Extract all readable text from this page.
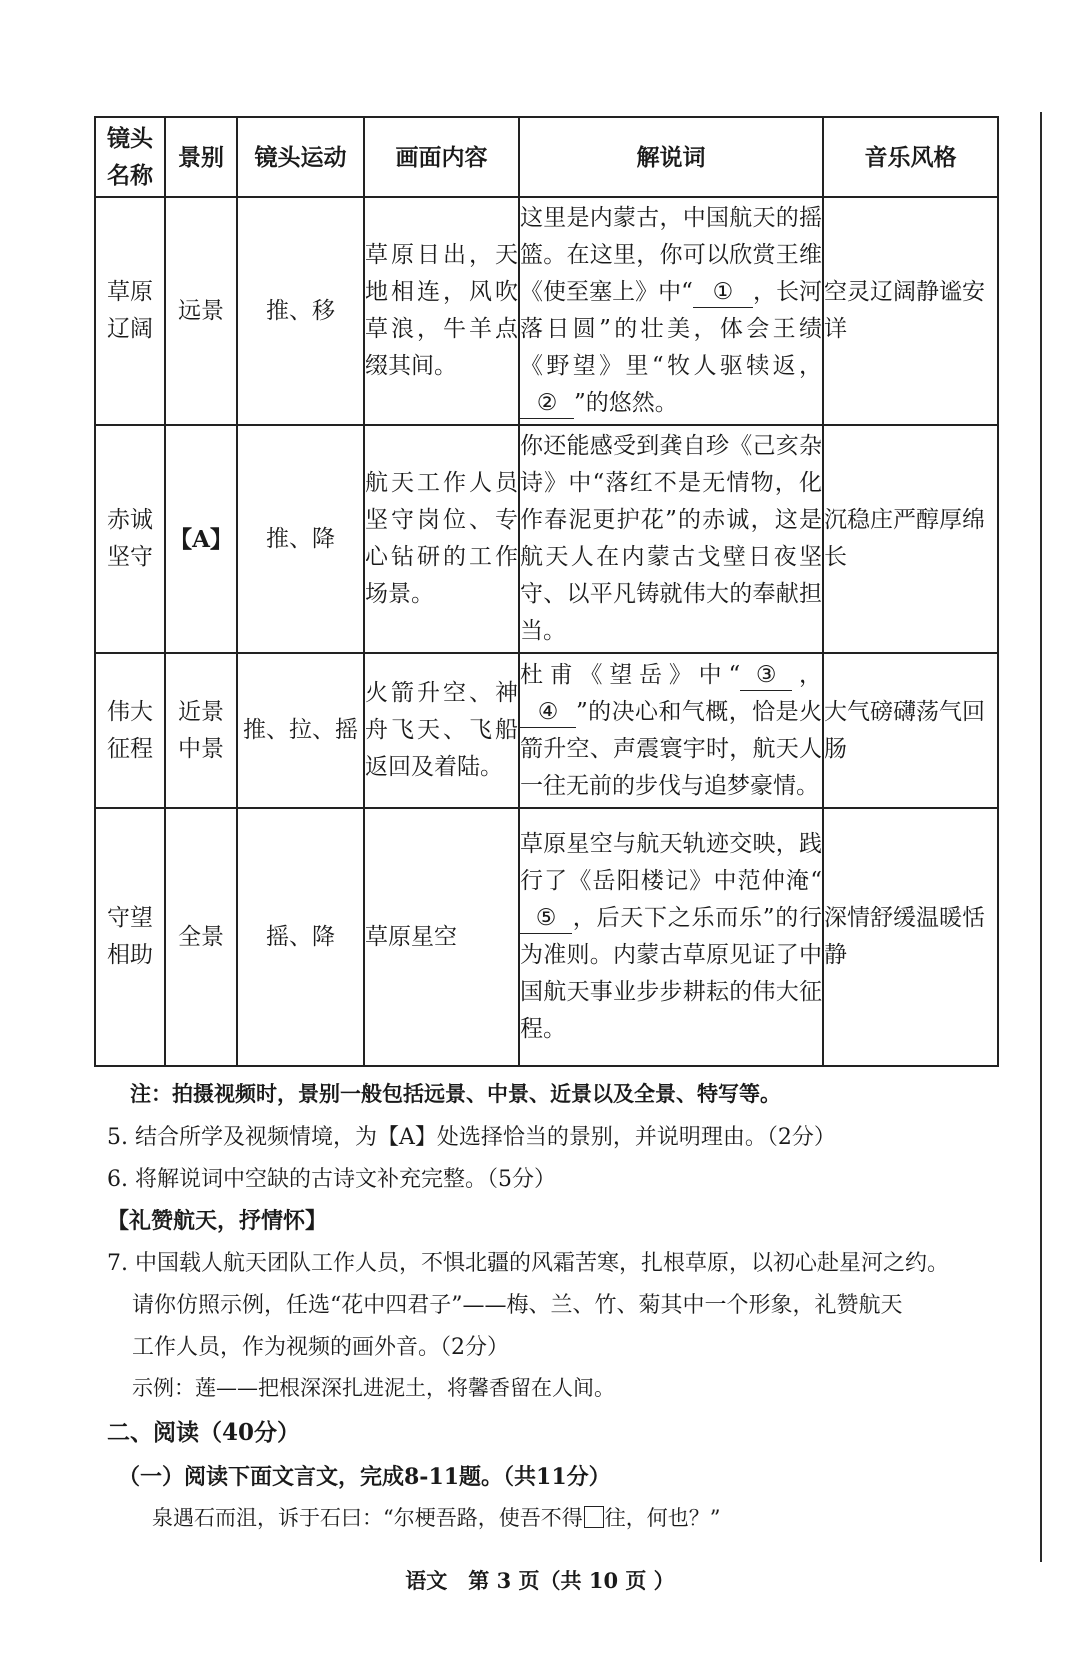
镜头名称	景别	镜头运动	画面内容	解说词	音乐风格
草原辽阔	远景	推、移	草原日出，天地相连，风吹草浪，牛羊点缀其间。	这里是内蒙古，中国航天的摇篮。在这里，你可以欣赏王维《使至塞上》中“ ① ，长河落日圆”的壮美，体会王绩《野望》里“牧人驱犊返，② ”的悠然。	空灵辽阔静谧安详
赤诚坚守	【A】	推、降	航天工作人员坚守岗位、专心钻研的工作场景。	你还能感受到龚自珍《己亥杂诗》中“落红不是无情物，化作春泥更护花”的赤诚，这是航天人在内蒙古戈壁日夜坚守、以平凡铸就伟大的奉献担当。	沉稳庄严醇厚绵长
伟大征程	近景中景	推、拉、摇	火箭升空、神舟飞天、飞船返回及着陆。	杜甫《望岳》中“ ③ ，④ ”的决心和气概，恰是火箭升空、声震寰宇时，航天人一往无前的步伐与追梦豪情。	大气磅礴荡气回肠
守望相助	全景	摇、降	草原星空	草原星空与航天轨迹交映，践行了《岳阳楼记》中范仲淹“⑤ ，后天下之乐而乐”的行为准则。内蒙古草原见证了中国航天事业步步耕耘的伟大征程。	深情舒缓温暖恬静
注：拍摄视频时，景别一般包括远景、中景、近景以及全景、特写等。
5. 结合所学及视频情境，为【A】处选择恰当的景别，并说明理由。（2分）
6. 将解说词中空缺的古诗文补充完整。（5分）
【礼赞航天，抒情怀】
7. 中国载人航天团队工作人员，不惧北疆的风霜苦寒，扎根草原，以初心赴星河之约。
请你仿照示例，任选“花中四君子”——梅、兰、竹、菊其中一个形象，礼赞航天
工作人员，作为视频的画外音。（2分）
示例：莲——把根深深扎进泥土，将馨香留在人间。
二、阅读（40分）
（一）阅读下面文言文，完成8-11题。（共11分）
泉遇石而沮，诉于石曰：“尔梗吾路，使吾不得 往，何也？”
语文　第 3 页（共 10 页 ）
